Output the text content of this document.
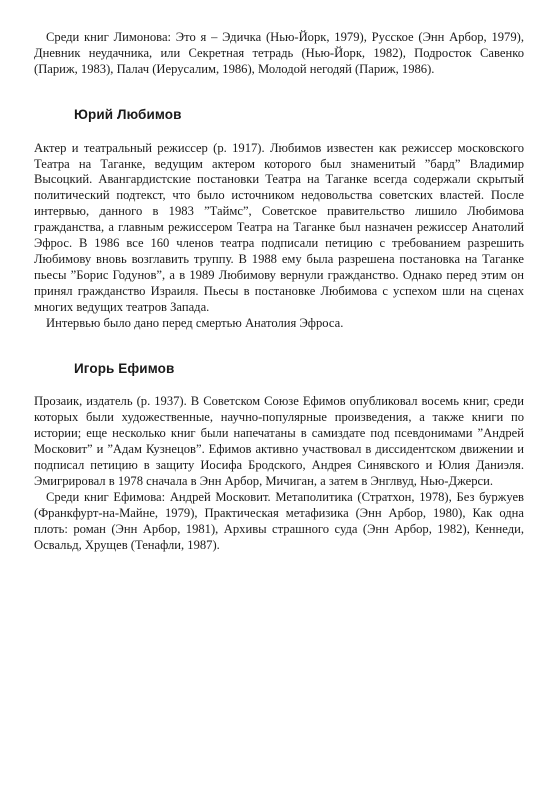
Среди книг Лимонова: Это я – Эдичка (Нью-Йорк, 1979), Русское (Энн Арбор, 1979), Дневник неудачника, или Секретная тетрадь (Нью-Йорк, 1982), Подросток Савенко (Париж, 1983), Палач (Иерусалим, 1986), Молодой негодяй (Париж, 1986).

Юрий Любимов

Актер и театральный режиссер (р. 1917). Любимов известен как режиссер московского Театра на Таганке, ведущим актером которого был знаменитый ”бард” Владимир Высоцкий. Авангардистские постановки Театра на Таганке всегда содержали скрытый политический подтекст, что было источником недовольства советских властей. После интервью, данного в 1983 ”Таймс”, Советское правительство лишило Любимова гражданства, а главным режиссером Театра на Таганке был назначен режиссер Анатолий Эфрос. В 1986 все 160 членов театра подписали петицию с требованием разрешить Любимову вновь возглавить труппу. В 1988 ему была разрешена постановка на Таганке пьесы ”Борис Годунов”, а в 1989 Любимову вернули гражданство. Однако перед этим он принял гражданство Израиля. Пьесы в постановке Любимова с успехом шли на сценах многих ведущих театров Запада.

Интервью было дано перед смертью Анатолия Эфроса.

Игорь Ефимов

Прозаик, издатель (р. 1937). В Советском Союзе Ефимов опубликовал восемь книг, среди которых были художественные, научно-популярные произведения, а также книги по истории; еще несколько книг были напечатаны в самиздате под псевдонимами ”Андрей Московит” и ”Адам Кузнецов”. Ефимов активно участвовал в диссидентском движении и подписал петицию в защиту Иосифа Бродского, Андрея Синявского и Юлия Даниэля. Эмигрировал в 1978 сначала в Энн Арбор, Мичиган, а затем в Энглвуд, Нью-Джерси.

Среди книг Ефимова: Андрей Московит. Метаполитика (Стратхон, 1978), Без буржуев (Франкфурт-на-Майне, 1979), Практическая метафизика (Энн Арбор, 1980), Как одна плоть: роман (Энн Арбор, 1981), Архивы страшного суда (Энн Арбор, 1982), Кеннеди, Освальд, Хрущев (Тенафли, 1987).
